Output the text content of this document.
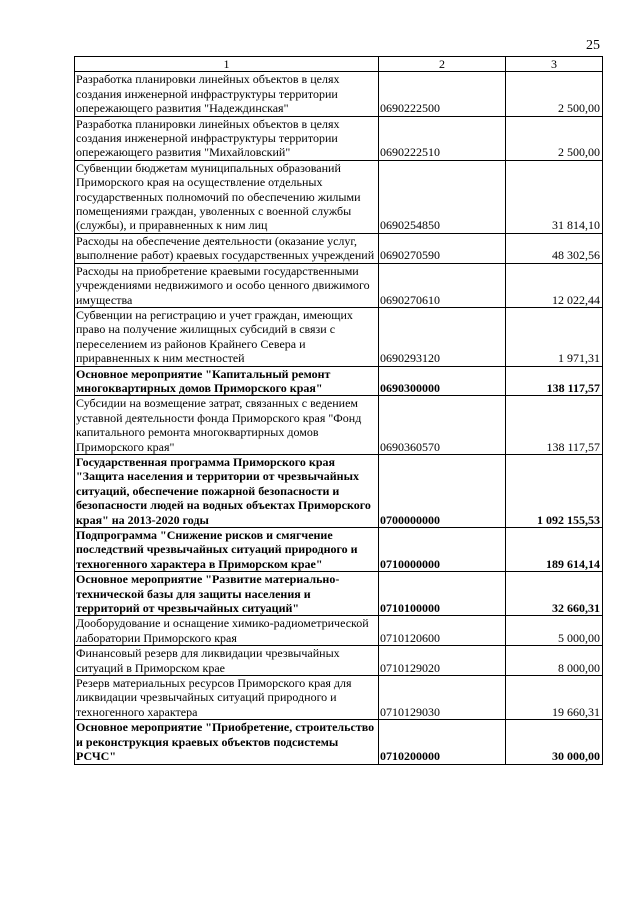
25
1	2	3
Разработка планировки линейных объектов в целях создания инженерной инфраструктуры территории опережающего развития "Надеждинская"	0690222500	2 500,00
Разработка планировки линейных объектов в целях создания инженерной инфраструктуры территории опережающего развития "Михайловский"	0690222510	2 500,00
Субвенции бюджетам муниципальных образований Приморского края на осуществление отдельных государственных полномочий по обеспечению жилыми помещениями граждан, уволенных с военной службы (службы), и приравненных к ним лиц	0690254850	31 814,10
Расходы на обеспечение деятельности (оказание услуг, выполнение работ) краевых государственных учреждений	0690270590	48 302,56
Расходы на приобретение краевыми государственными учреждениями недвижимого и особо ценного движимого имущества	0690270610	12 022,44
Субвенции на регистрацию и учет граждан, имеющих право на получение жилищных субсидий в связи с переселением из районов Крайнего Севера и приравненных к ним местностей	0690293120	1 971,31
Основное мероприятие "Капитальный ремонт многоквартирных домов Приморского края"	0690300000	138 117,57
Субсидии на возмещение затрат, связанных с ведением уставной деятельности фонда Приморского края "Фонд капитального ремонта многоквартирных домов Приморского края"	0690360570	138 117,57
Государственная программа Приморского края "Защита населения и территории от чрезвычайных ситуаций, обеспечение пожарной безопасности и безопасности людей на водных объектах Приморского края" на 2013-2020 годы	0700000000	1 092 155,53
Подпрограмма "Снижение рисков и смягчение последствий чрезвычайных ситуаций природного и техногенного характера в Приморском крае"	0710000000	189 614,14
Основное мероприятие "Развитие материально-технической базы для защиты населения и территорий от чрезвычайных ситуаций"	0710100000	32 660,31
Дооборудование и оснащение химико-радиометрической лаборатории Приморского края	0710120600	5 000,00
Финансовый резерв для ликвидации чрезвычайных ситуаций в Приморском крае	0710129020	8 000,00
Резерв материальных ресурсов Приморского края для ликвидации чрезвычайных ситуаций природного и техногенного характера	0710129030	19 660,31
Основное мероприятие "Приобретение, строительство и реконструкция краевых объектов подсистемы РСЧС"	0710200000	30 000,00
